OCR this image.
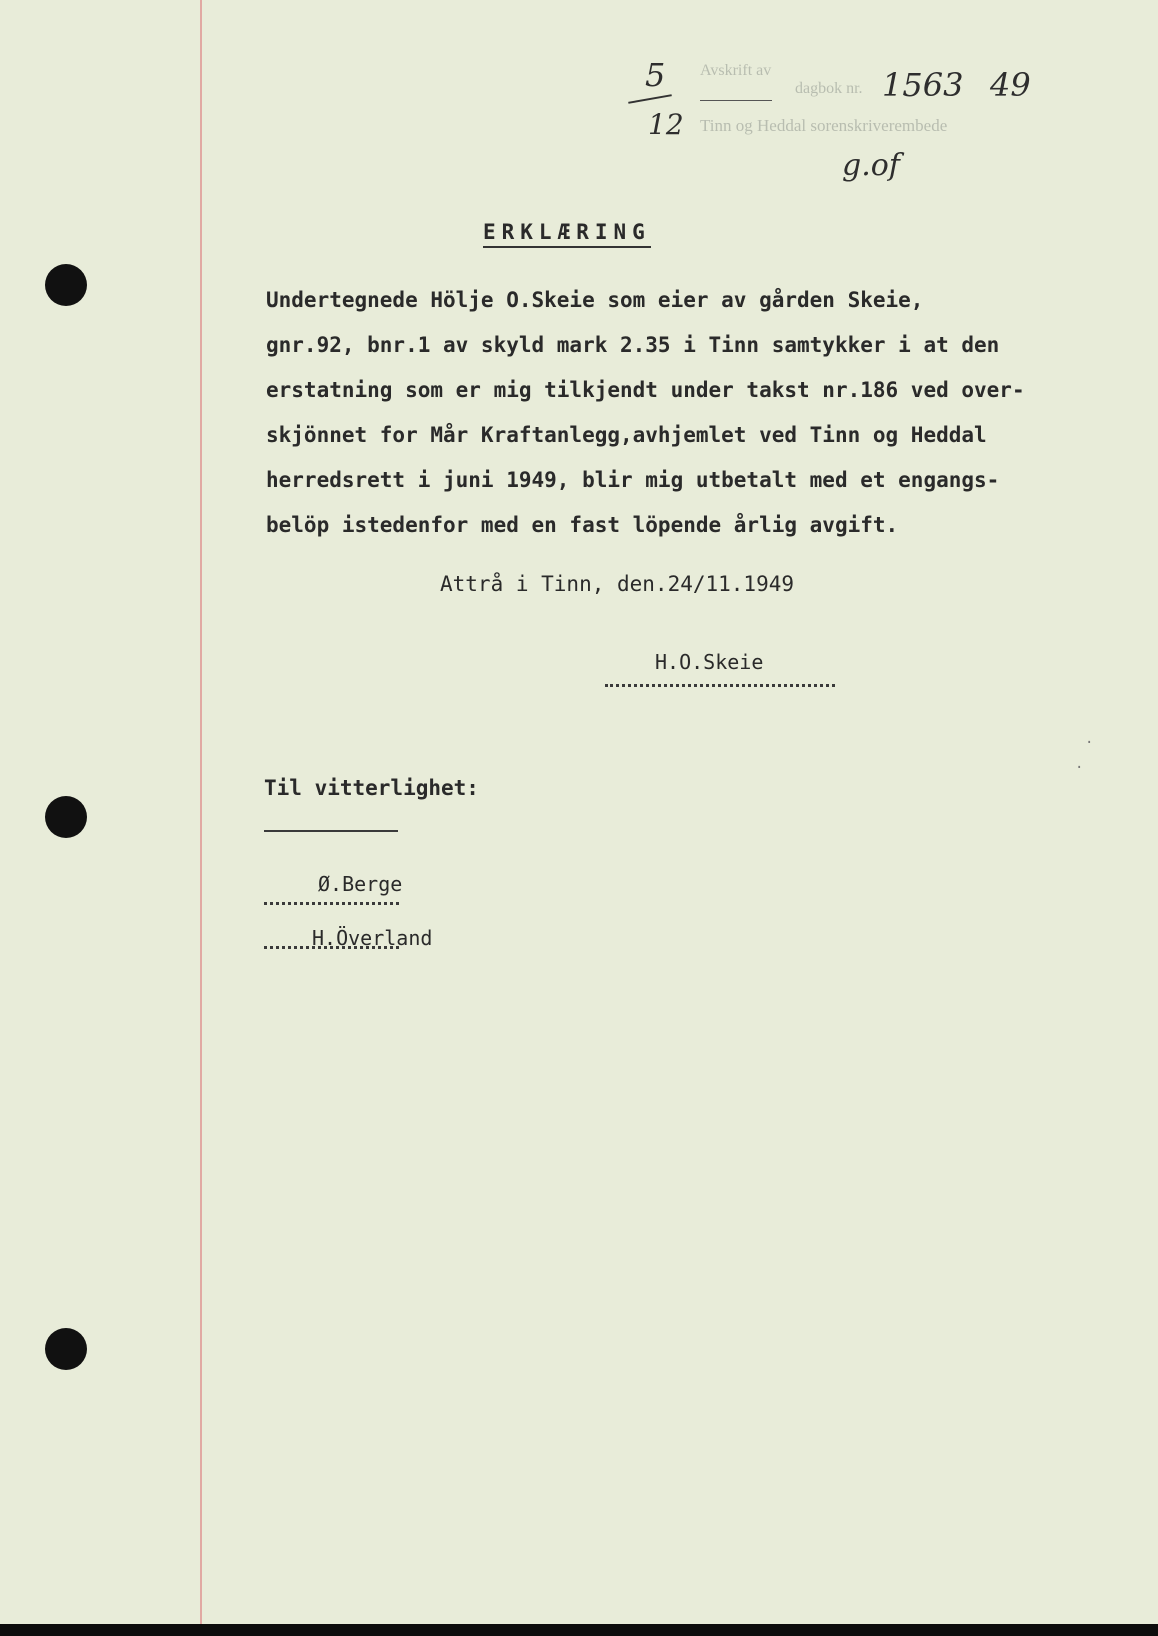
Avskrift av
dagbok nr.
Tinn og Heddal sorenskriverembede
5
12
1563 49
g.of
ERKLÆRING

Undertegnede Hölje O.Skeie som eier av gården Skeie,

gnr.92, bnr.1 av skyld mark 2.35 i Tinn samtykker i at den

erstatning som er mig tilkjendt under takst nr.186 ved over-

skjönnet for Mår Kraftanlegg,avhjemlet ved Tinn og Heddal

herredsrett i juni 1949, blir mig utbetalt med et engangs-

belöp istedenfor med en fast löpende årlig avgift.

Attrå i Tinn, den.24/11.1949

H.O.Skeie

Til vitterlighet:

Ø.Berge

H.Överland

·
·
